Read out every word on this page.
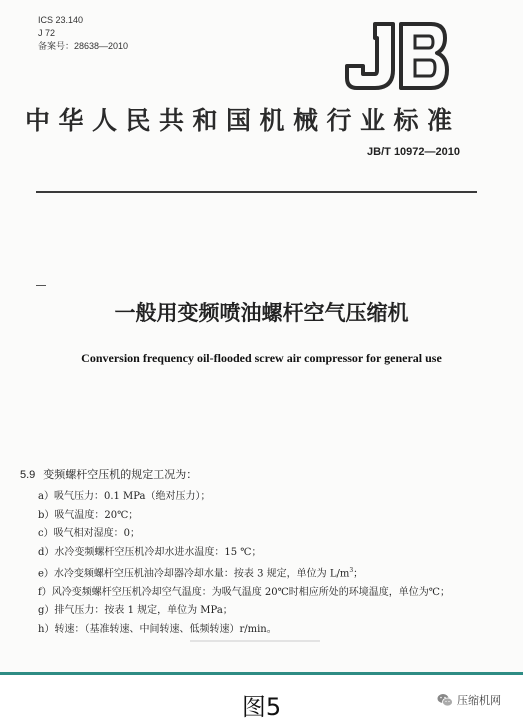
ICS 23.140
J 72
备案号：28638—2010
JB
中华人民共和国机械行业标准
JB/T 10972—2010
一般用变频喷油螺杆空气压缩机
Conversion frequency oil-flooded screw air compressor for general use
5.9 变频螺杆空压机的规定工况为：
a）吸气压力：0.1 MPa（绝对压力）；
b）吸气温度：20℃；
c）吸气相对湿度：0；
d）水冷变频螺杆空压机冷却水进水温度：15 ℃；
e）水冷变频螺杆空压机油冷却器冷却水量：按表 3 规定，单位为 $L/m^3$；
f）风冷变频螺杆空压机冷却空气温度：为吸气温度 20℃时相应所处的环境温度，单位为℃；
g）排气压力：按表 1 规定，单位为 MPa；
h）转速：（基准转速、中间转速、低频转速）r/min。
图5	压缩机网
